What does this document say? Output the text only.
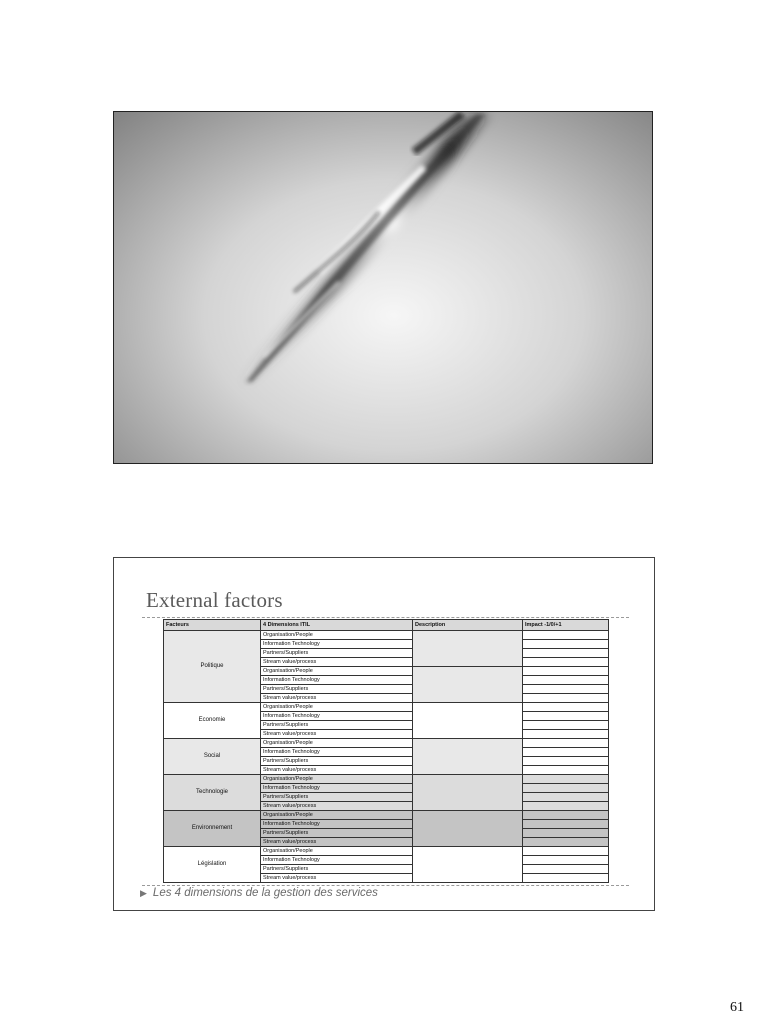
External factors
Facteurs	4 Dimensions ITIL	Description	Impact -1/0/+1
Politique	Organisation/People		
	Information Technology		
	Partners/Suppliers		
	Stream value/process		
	Organisation/People		
	Information Technology		
	Partners/Suppliers		
	Stream value/process		
Economie	Organisation/People		
	Information Technology		
	Partners/Suppliers		
	Stream value/process		
Social	Organisation/People		
	Information Technology		
	Partners/Suppliers		
	Stream value/process		
Technologie	Organisation/People		
	Information Technology		
	Partners/Suppliers		
	Stream value/process		
Environnement	Organisation/People		
	Information Technology		
	Partners/Suppliers		
	Stream value/process		
Législation	Organisation/People		
	Information Technology		
	Partners/Suppliers		
	Stream value/process		
▶ Les 4 dimensions de la gestion des services
61
